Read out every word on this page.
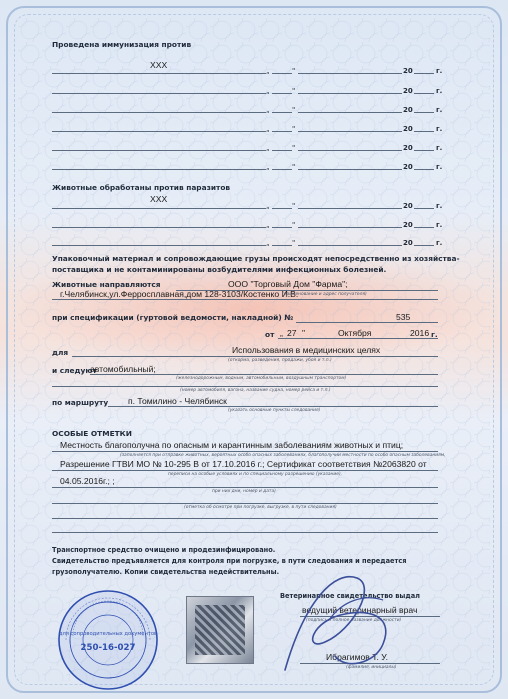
Проведена иммунизация против
XXX
„	"	20	г.
„	"	20	г.
„	"	20	г.
„	"	20	г.
„	"	20	г.
„	"	20	г.
Животные обработаны против паразитов
XXX
„	"	20	г.
„	"	20	г.
„	"	20	г.
Упаковочный материал и сопровождающие грузы происходят непосредственно из хозяйства-
поставщика и не контаминированы возбудителями инфекционных болезней.
Животные направляются	ООО "Торговый Дом "Фарма";
г.Челябинск,ул.Ферросплавная,дом 128-3103/Костенко И.В.
(наименование и адрес получателя)
при спецификации (гуртовой ведомости, накладной) №	535
от „ 27 "	Октября	2016 г.
для	Использования в медицинских целях
(откорма, разведения, продажи, убоя и т.п.)
и следуют
автомобильный;
(железнодорожным, водным, автомобильным, воздушным транспортом)
(номер автомобиля, вагона, название судна, номер рейса и т.п.)
по маршруту п. Томилино - Челябинск
(указать основные пункты следования)
ОСОБЫЕ ОТМЕТКИ
Местность благополучна по опасным и карантинным заболеваниям животных и птиц;
(заполняется при отправке животных, вероятных особо опасных заболеваниях, благополучии местности по особо опасным заболеваниям,
Разрешение ГТВИ МО № 10-295 В от 17.10.2016 г.; Сертификат соответствия №2063820 от
переписи на особые условиях и по специальному разрешению (указание),
04.05.2016г.; ;
при них дни, номер и дата)
(отметка об осмотре при погрузке, выгрузке, в пути следования)
Транспортное средство очищено и продезинфицировано.
Свидетельство предъявляется для контроля при погрузке, в пути следования и передается
грузополучателю. Копии свидетельства недействительны.
Ветеринарное свидетельство выдал
ведущий ветеринарный врач
(подпись и полное название должности)
Ибрагимов Т. У.
(фамилия, инициалы)
для сопроводительных документов
250-16-027
